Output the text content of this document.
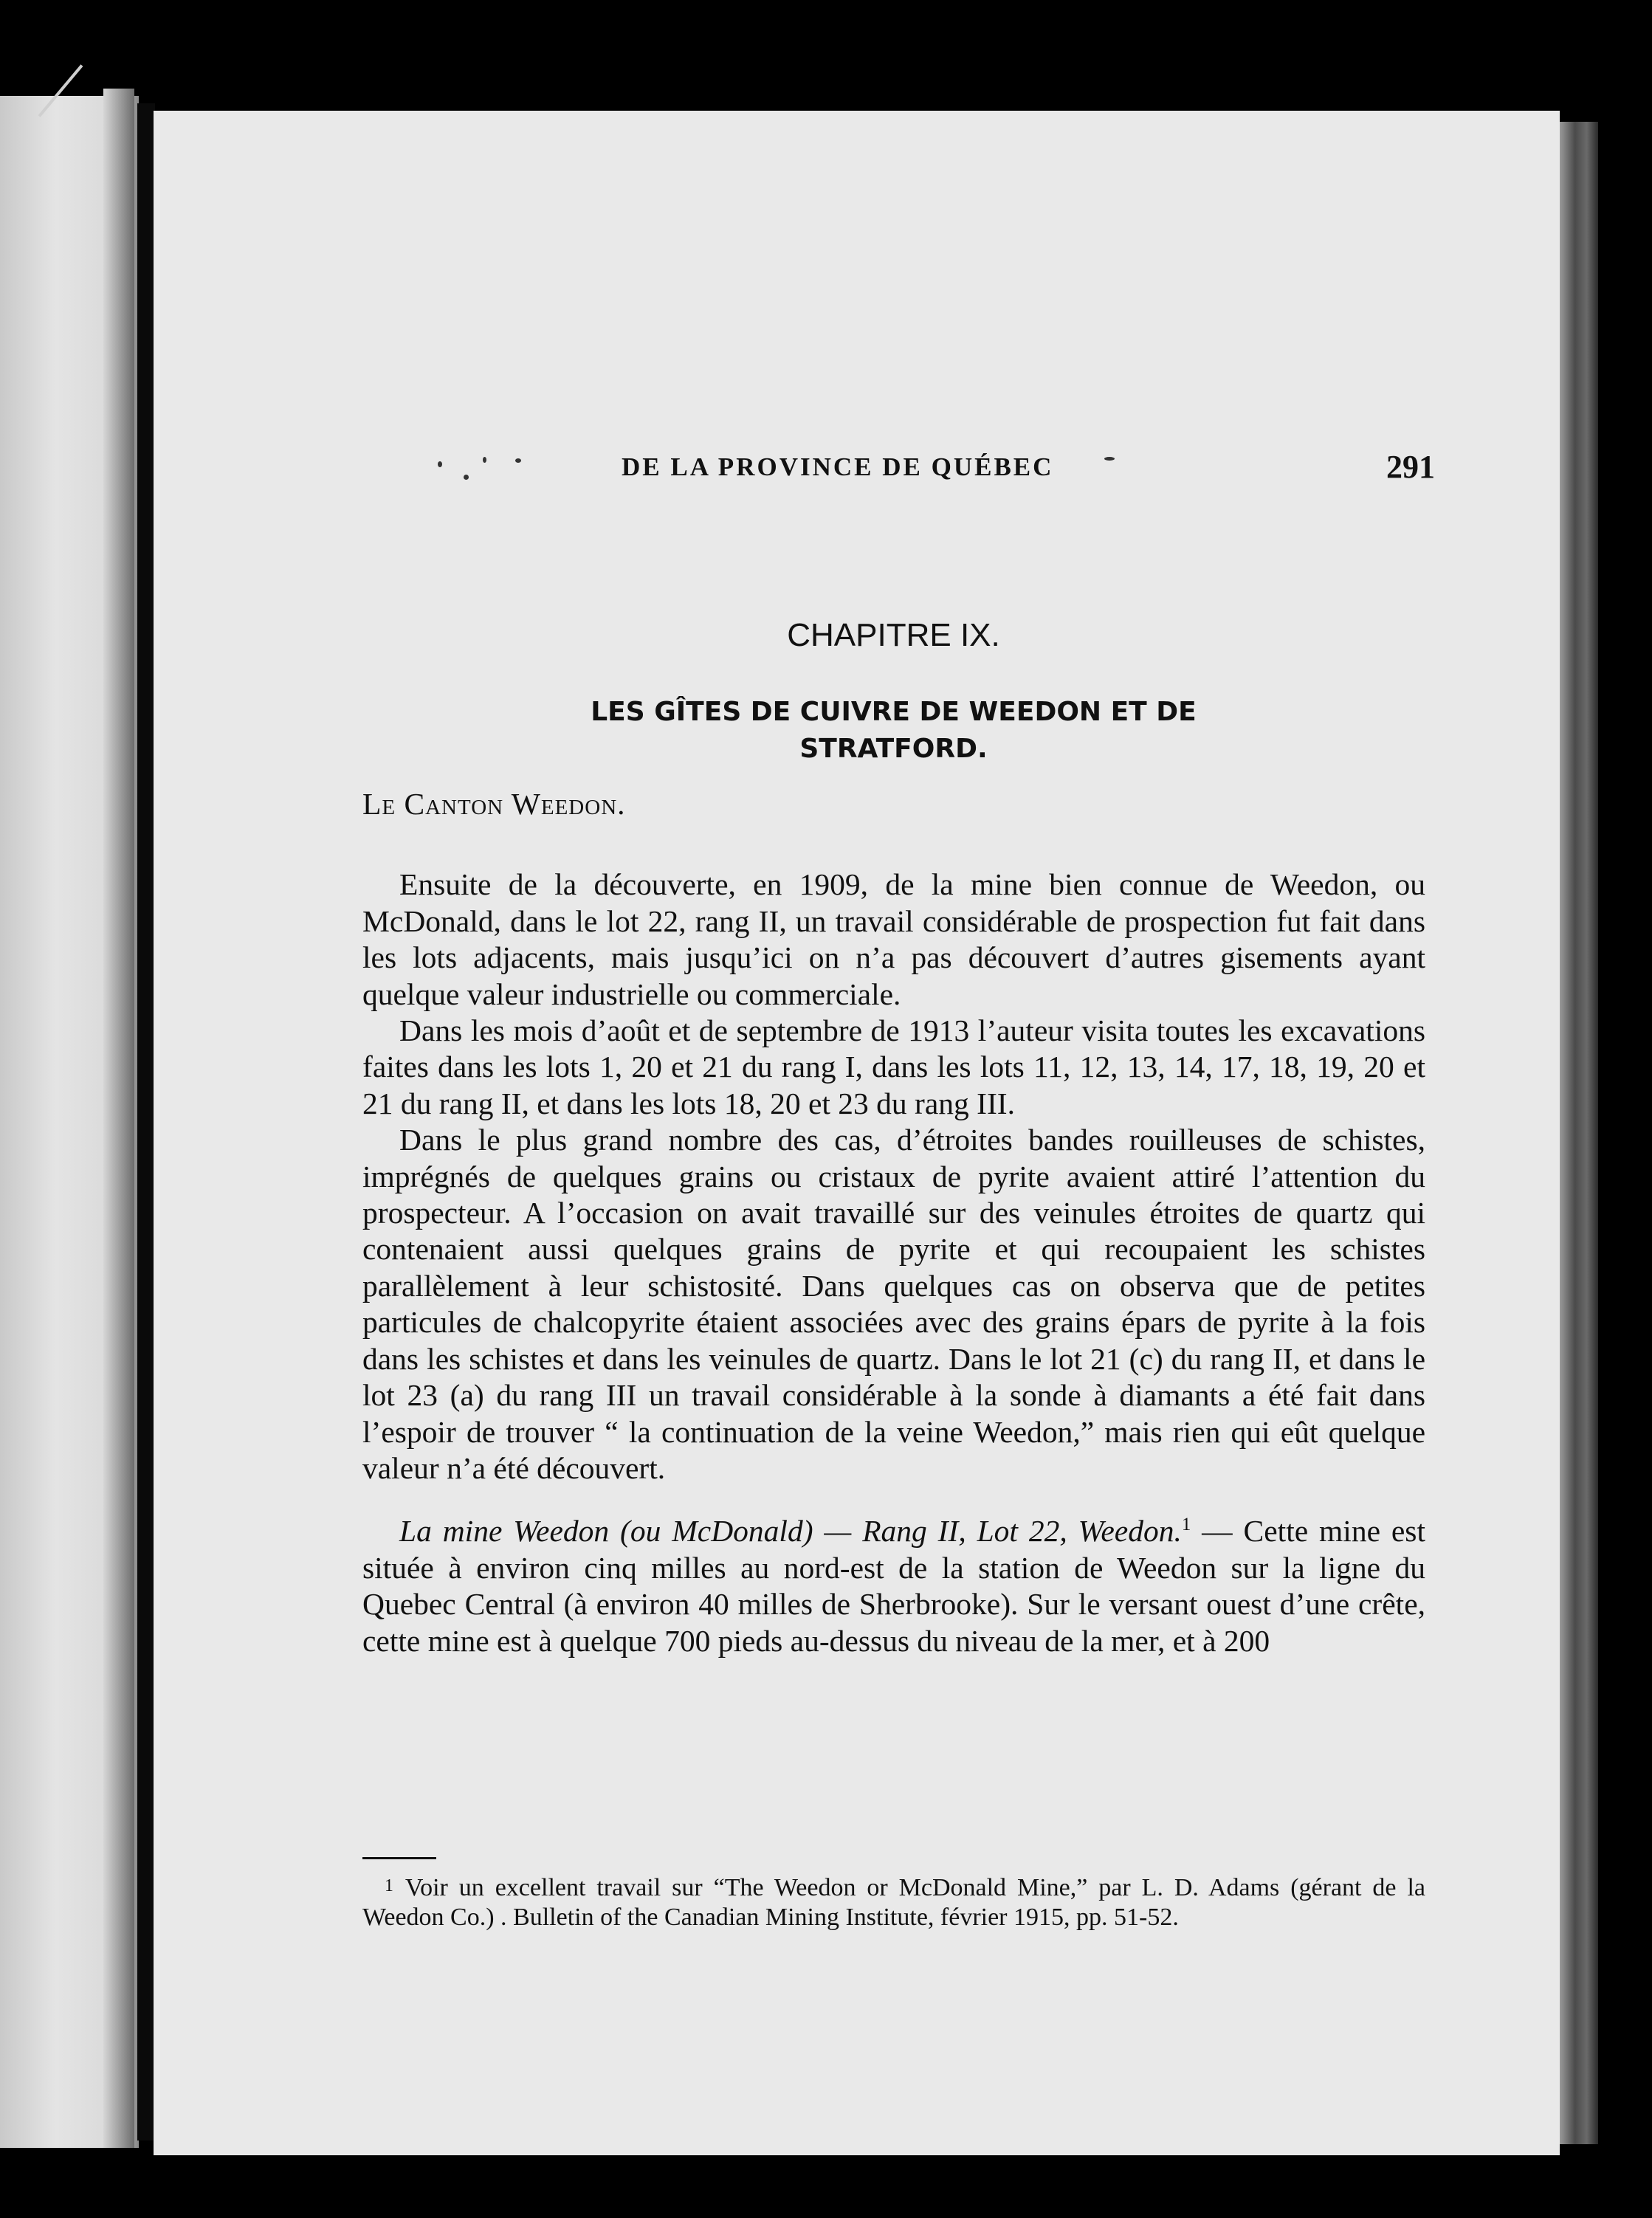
DE LA PROVINCE DE QUÉBEC	291
CHAPITRE IX.
LES GÎTES DE CUIVRE DE WEEDON ET DE
STRATFORD.
Le Canton Weedon.

Ensuite de la découverte, en 1909, de la mine bien connue de Weedon, ou McDonald, dans le lot 22, rang II, un travail considérable de prospection fut fait dans les lots adjacents, mais jusqu’ici on n’a pas découvert d’autres gisements ayant quelque valeur industrielle ou commerciale.

Dans les mois d’août et de septembre de 1913 l’auteur visita toutes les excavations faites dans les lots 1, 20 et 21 du rang I, dans les lots 11, 12, 13, 14, 17, 18, 19, 20 et 21 du rang II, et dans les lots 18, 20 et 23 du rang III.

Dans le plus grand nombre des cas, d’étroites bandes rouilleuses de schistes, imprégnés de quelques grains ou cristaux de pyrite avaient attiré l’attention du prospecteur. A l’occasion on avait travaillé sur des veinules étroites de quartz qui contenaient aussi quelques grains de pyrite et qui recoupaient les schistes parallèlement à leur schistosité. Dans quelques cas on observa que de petites particules de chalcopyrite étaient associées avec des grains épars de pyrite à la fois dans les schistes et dans les veinules de quartz. Dans le lot 21 (c) du rang II, et dans le lot 23 (a) du rang III un travail considérable à la sonde à diamants a été fait dans l’espoir de trouver “ la continuation de la veine Weedon,” mais rien qui eût quelque valeur n’a été découvert.

La mine Weedon (ou McDonald) — Rang II, Lot 22, Weedon.$^1$ — Cette mine est située à environ cinq milles au nord-est de la station de Weedon sur la ligne du Quebec Central (à environ 40 milles de Sherbrooke). Sur le versant ouest d’une crête, cette mine est à quelque 700 pieds au-dessus du niveau de la mer, et à 200

$^1$ Voir un excellent travail sur “The Weedon or McDonald Mine,” par L. D. Adams (gérant de la Weedon Co.) . Bulletin of the Canadian Mining Institute, février 1915, pp. 51-52.
